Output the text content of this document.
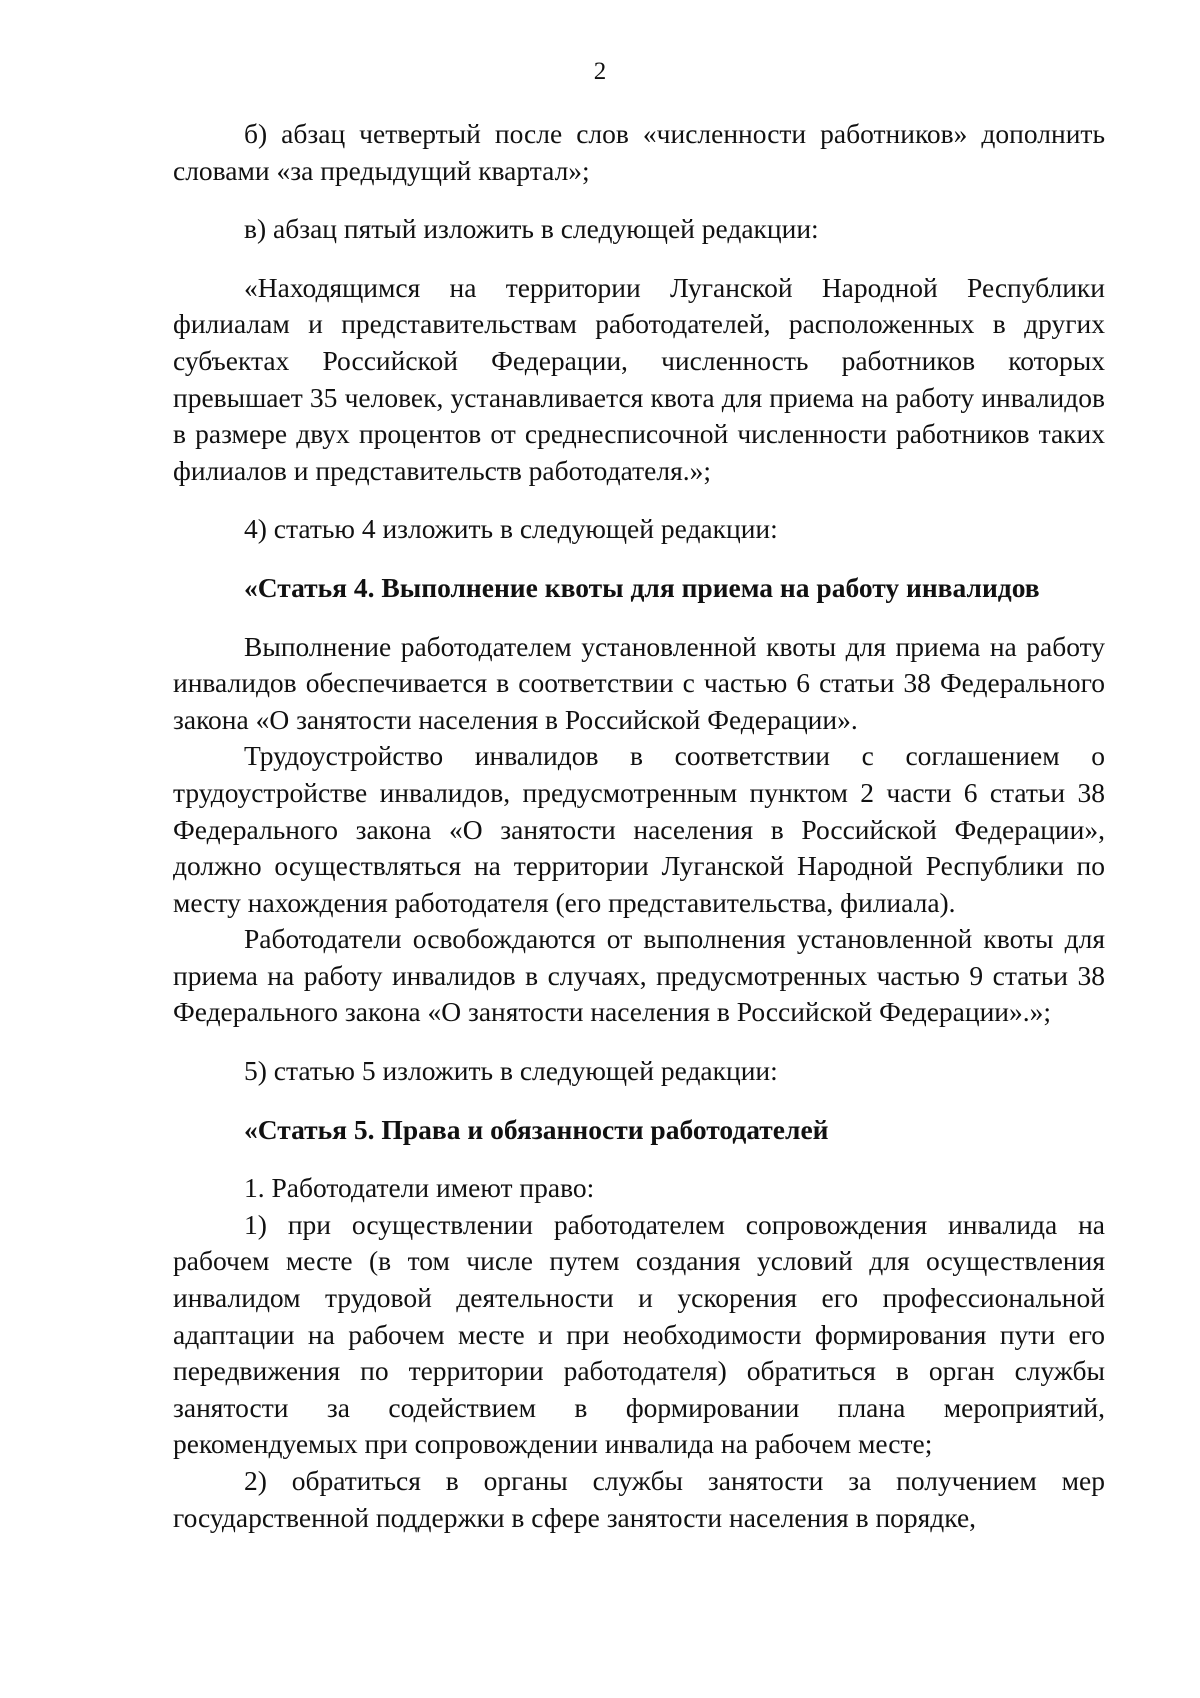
2

б) абзац четвертый после слов «численности работников» дополнить словами «за предыдущий квартал»;

в) абзац пятый изложить в следующей редакции:

«Находящимся на территории Луганской Народной Республики филиалам и представительствам работодателей, расположенных в других субъектах Российской Федерации, численность работников которых превышает 35 человек, устанавливается квота для приема на работу инвалидов в размере двух процентов от среднесписочной численности работников таких филиалов и представительств работодателя.»;

4) статью 4 изложить в следующей редакции:

«Статья 4. Выполнение квоты для приема на работу инвалидов

Выполнение работодателем установленной квоты для приема на работу инвалидов обеспечивается в соответствии с частью 6 статьи 38 Федерального закона «О занятости населения в Российской Федерации».

Трудоустройство инвалидов в соответствии с соглашением о трудоустройстве инвалидов, предусмотренным пунктом 2 части 6 статьи 38 Федерального закона «О занятости населения в Российской Федерации», должно осуществляться на территории Луганской Народной Республики по месту нахождения работодателя (его представительства, филиала).

Работодатели освобождаются от выполнения установленной квоты для приема на работу инвалидов в случаях, предусмотренных частью 9 статьи 38 Федерального закона «О занятости населения в Российской Федерации».»;

5) статью 5 изложить в следующей редакции:

«Статья 5. Права и обязанности работодателей

1. Работодатели имеют право:

1) при осуществлении работодателем сопровождения инвалида на рабочем месте (в том числе путем создания условий для осуществления инвалидом трудовой деятельности и ускорения его профессиональной адаптации на рабочем месте и при необходимости формирования пути его передвижения по территории работодателя) обратиться в орган службы занятости за содействием в формировании плана мероприятий, рекомендуемых при сопровождении инвалида на рабочем месте;

2) обратиться в органы службы занятости за получением мер государственной поддержки в сфере занятости населения в порядке,
